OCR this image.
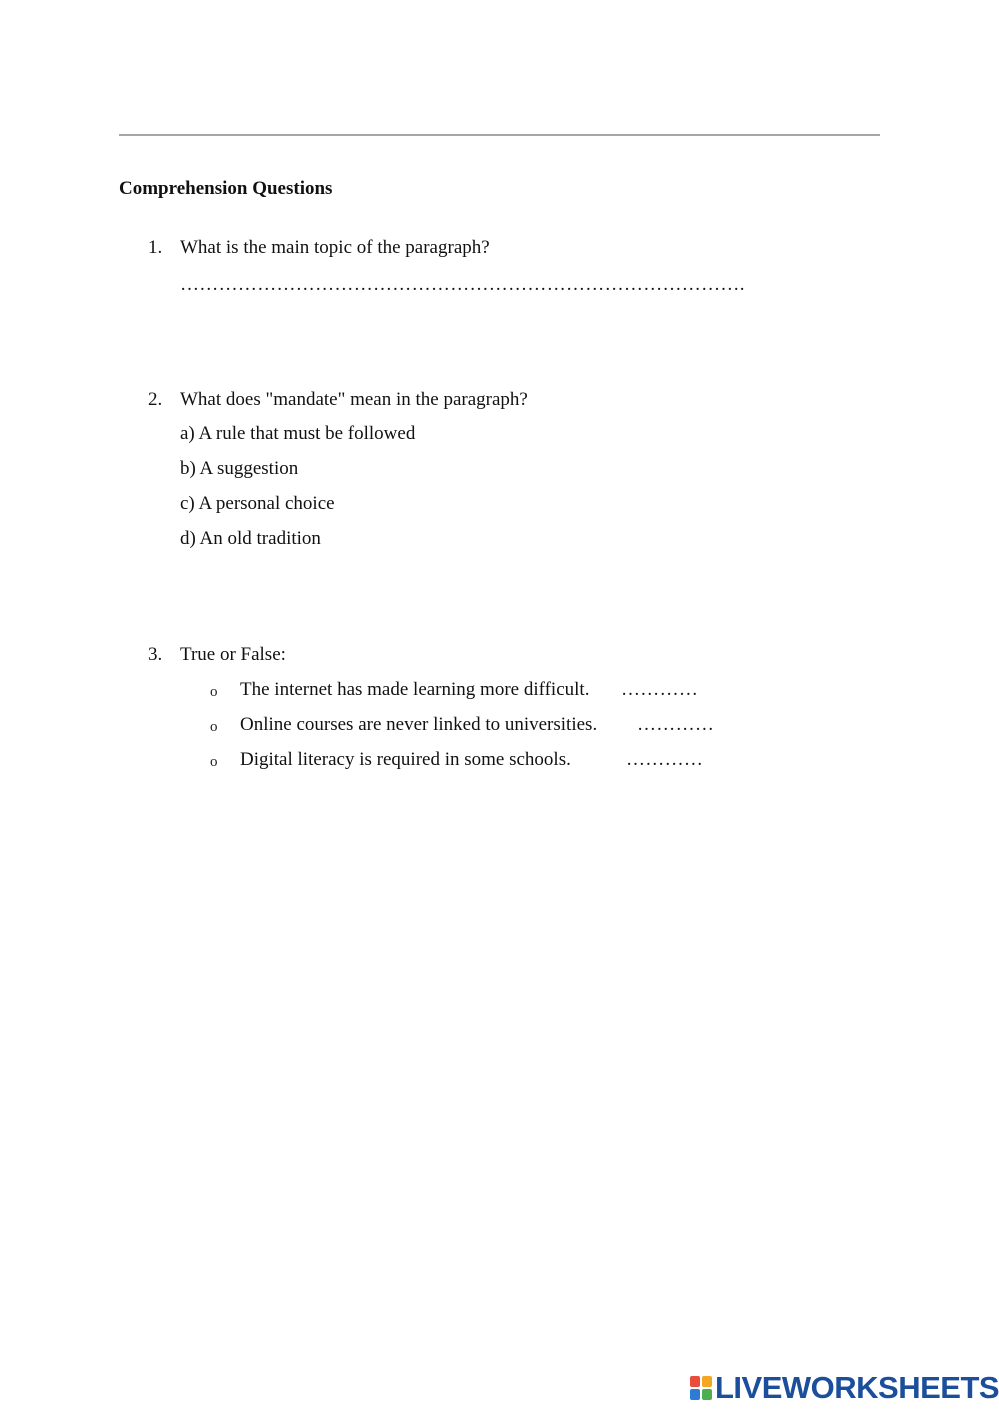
Comprehension Questions
1. What is the main topic of the paragraph?
…………………………………………………………………………….
2. What does "mandate" mean in the paragraph?
a) A rule that must be followed
b) A suggestion
c) A personal choice
d) An old tradition
3. True or False:
o The internet has made learning more difficult. …………
o Online courses are never linked to universities. …………
o Digital literacy is required in some schools.	…………
LIVEWORKSHEETS
